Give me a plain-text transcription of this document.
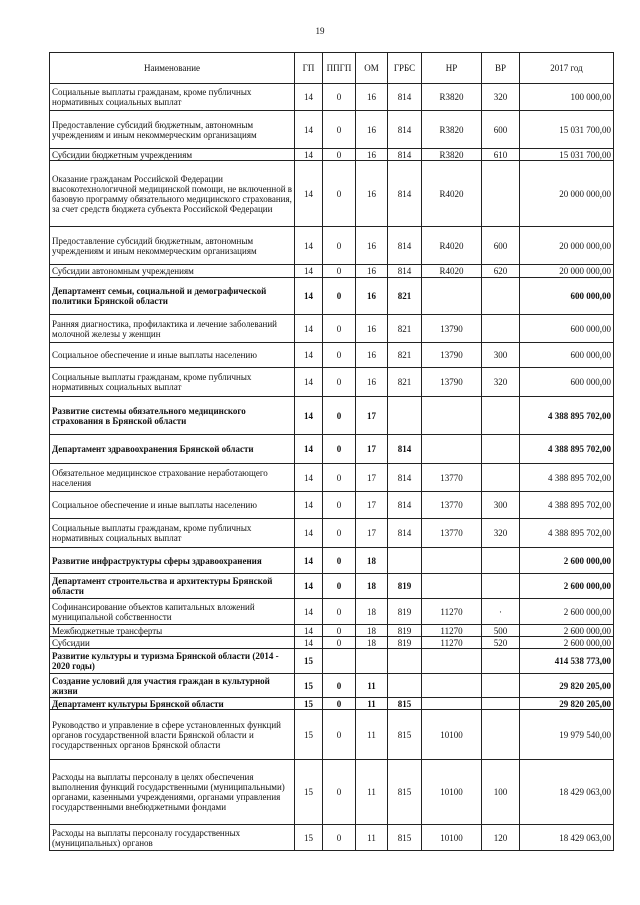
19
Наименование	ГП	ППГП	ОМ	ГРБС	НР	ВР	2017 год
Социальные выплаты гражданам, кроме публичных нормативных социальных выплат	14	0	16	814	R3820	320	100 000,00
Предоставление субсидий бюджетным, автономным учреждениям и иным некоммерческим организациям	14	0	16	814	R3820	600	15 031 700,00
Субсидии бюджетным учреждениям	14	0	16	814	R3820	610	15 031 700,00
Оказание гражданам Российской Федерации высокотехнологичной медицинской помощи, не включенной в базовую программу обязательного медицинского страхования, за счет средств бюджета субъекта Российской Федерации	14	0	16	814	R4020		20 000 000,00
Предоставление субсидий бюджетным, автономным учреждениям и иным некоммерческим организациям	14	0	16	814	R4020	600	20 000 000,00
Субсидии автономным учреждениям	14	0	16	814	R4020	620	20 000 000,00
Департамент семьи, социальной и демографической политики Брянской области	14	0	16	821			600 000,00
Ранняя диагностика, профилактика и лечение заболеваний молочной железы у женщин	14	0	16	821	13790		600 000,00
Социальное обеспечение и иные выплаты населению	14	0	16	821	13790	300	600 000,00
Социальные выплаты гражданам, кроме публичных нормативных социальных выплат	14	0	16	821	13790	320	600 000,00
Развитие системы обязательного медицинского страхования в Брянской области	14	0	17				4 388 895 702,00
Департамент здравоохранения Брянской области	14	0	17	814			4 388 895 702,00
Обязательное медицинское страхование неработающего населения	14	0	17	814	13770		4 388 895 702,00
Социальное обеспечение и иные выплаты населению	14	0	17	814	13770	300	4 388 895 702,00
Социальные выплаты гражданам, кроме публичных нормативных социальных выплат	14	0	17	814	13770	320	4 388 895 702,00
Развитие инфраструктуры сферы здравоохранения	14	0	18				2 600 000,00
Департамент строительства и архитектуры Брянской области	14	0	18	819			2 600 000,00
Софинансирование объектов капитальных вложений муниципальной собственности	14	0	18	819	11270	·	2 600 000,00
Межбюджетные трансферты	14	0	18	819	11270	500	2 600 000,00
Субсидии	14	0	18	819	11270	520	2 600 000,00
Развитие культуры и туризма Брянской области (2014 - 2020 годы)	15						414 538 773,00
Создание условий для участия граждан в культурной жизни	15	0	11				29 820 205,00
Департамент культуры Брянской области	15	0	11	815			29 820 205,00
Руководство и управление в сфере установленных функций органов государственной власти Брянской области и государственных органов Брянской области	15	0	11	815	10100		19 979 540,00
Расходы на выплаты персоналу в целях обеспечения выполнения функций государственными (муниципальными) органами, казенными учреждениями, органами управления государственными внебюджетными фондами	15	0	11	815	10100	100	18 429 063,00
Расходы на выплаты персоналу государственных (муниципальных) органов	15	0	11	815	10100	120	18 429 063,00
